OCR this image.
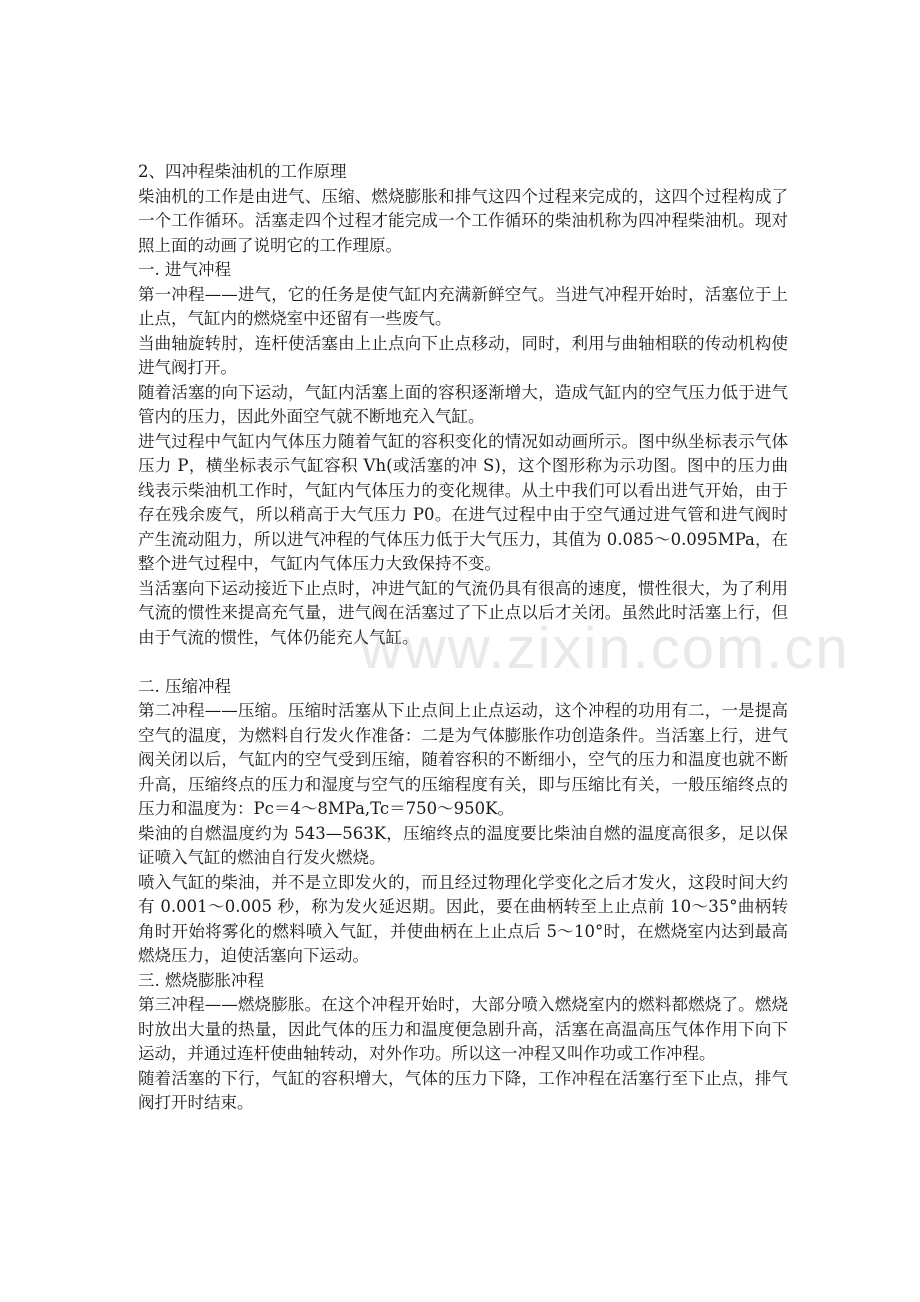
www.zixin.com.cn

2、四冲程柴油机的工作原理

柴油机的工作是由进气、压缩、燃烧膨胀和排气这四个过程来完成的，这四个过程构成了一个工作循环。活塞走四个过程才能完成一个工作循环的柴油机称为四冲程柴油机。现对照上面的动画了说明它的工作理原。

一. 进气冲程

第一冲程——进气，它的任务是使气缸内充满新鲜空气。当进气冲程开始时，活塞位于上止点，气缸内的燃烧室中还留有一些废气。

当曲轴旋转肘，连杆使活塞由上止点向下止点移动，同时，利用与曲轴相联的传动机构使进气阀打开。

随着活塞的向下运动，气缸内活塞上面的容积逐渐增大，造成气缸内的空气压力低于进气管内的压力，因此外面空气就不断地充入气缸。

进气过程中气缸内气体压力随着气缸的容积变化的情况如动画所示。图中纵坐标表示气体压力 P，横坐标表示气缸容积 Vh(或活塞的冲 S)，这个图形称为示功图。图中的压力曲线表示柴油机工作时，气缸内气体压力的变化规律。从土中我们可以看出进气开始，由于存在残余废气，所以稍高于大气压力 P0。在进气过程中由于空气通过进气管和进气阀时产生流动阻力，所以进气冲程的气体压力低于大气压力，其值为 0.085～0.095MPa，在整个进气过程中，气缸内气体压力大致保持不变。

当活塞向下运动接近下止点时，冲进气缸的气流仍具有很高的速度，惯性很大，为了利用气流的惯性来提高充气量，进气阀在活塞过了下止点以后才关闭。虽然此时活塞上行，但由于气流的惯性，气体仍能充人气缸。

二. 压缩冲程

第二冲程——压缩。压缩时活塞从下止点间上止点运动，这个冲程的功用有二，一是提高空气的温度，为燃料自行发火作准备：二是为气体膨胀作功创造条件。当活塞上行，进气阀关闭以后，气缸内的空气受到压缩，随着容积的不断细小，空气的压力和温度也就不断升高，压缩终点的压力和湿度与空气的压缩程度有关，即与压缩比有关，一般压缩终点的压力和温度为：Pc＝4～8MPa,Tc＝750～950K。

柴油的自燃温度约为 543—563K，压缩终点的温度要比柴油自燃的温度高很多，足以保证喷入气缸的燃油自行发火燃烧。

喷入气缸的柴油，并不是立即发火的，而且经过物理化学变化之后才发火，这段时间大约有 0.001～0.005 秒，称为发火延迟期。因此，要在曲柄转至上止点前 10～35°曲柄转角时开始将雾化的燃料喷入气缸，并使曲柄在上止点后 5～10°时，在燃烧室内达到最高燃烧压力，迫使活塞向下运动。

三. 燃烧膨胀冲程

第三冲程——燃烧膨胀。在这个冲程开始时，大部分喷入燃烧室内的燃料都燃烧了。燃烧时放出大量的热量，因此气体的压力和温度便急剧升高，活塞在高温高压气体作用下向下运动，并通过连杆使曲轴转动，对外作功。所以这一冲程又叫作功或工作冲程。

随着活塞的下行，气缸的容积增大，气体的压力下降，工作冲程在活塞行至下止点，排气阀打开时结束。
